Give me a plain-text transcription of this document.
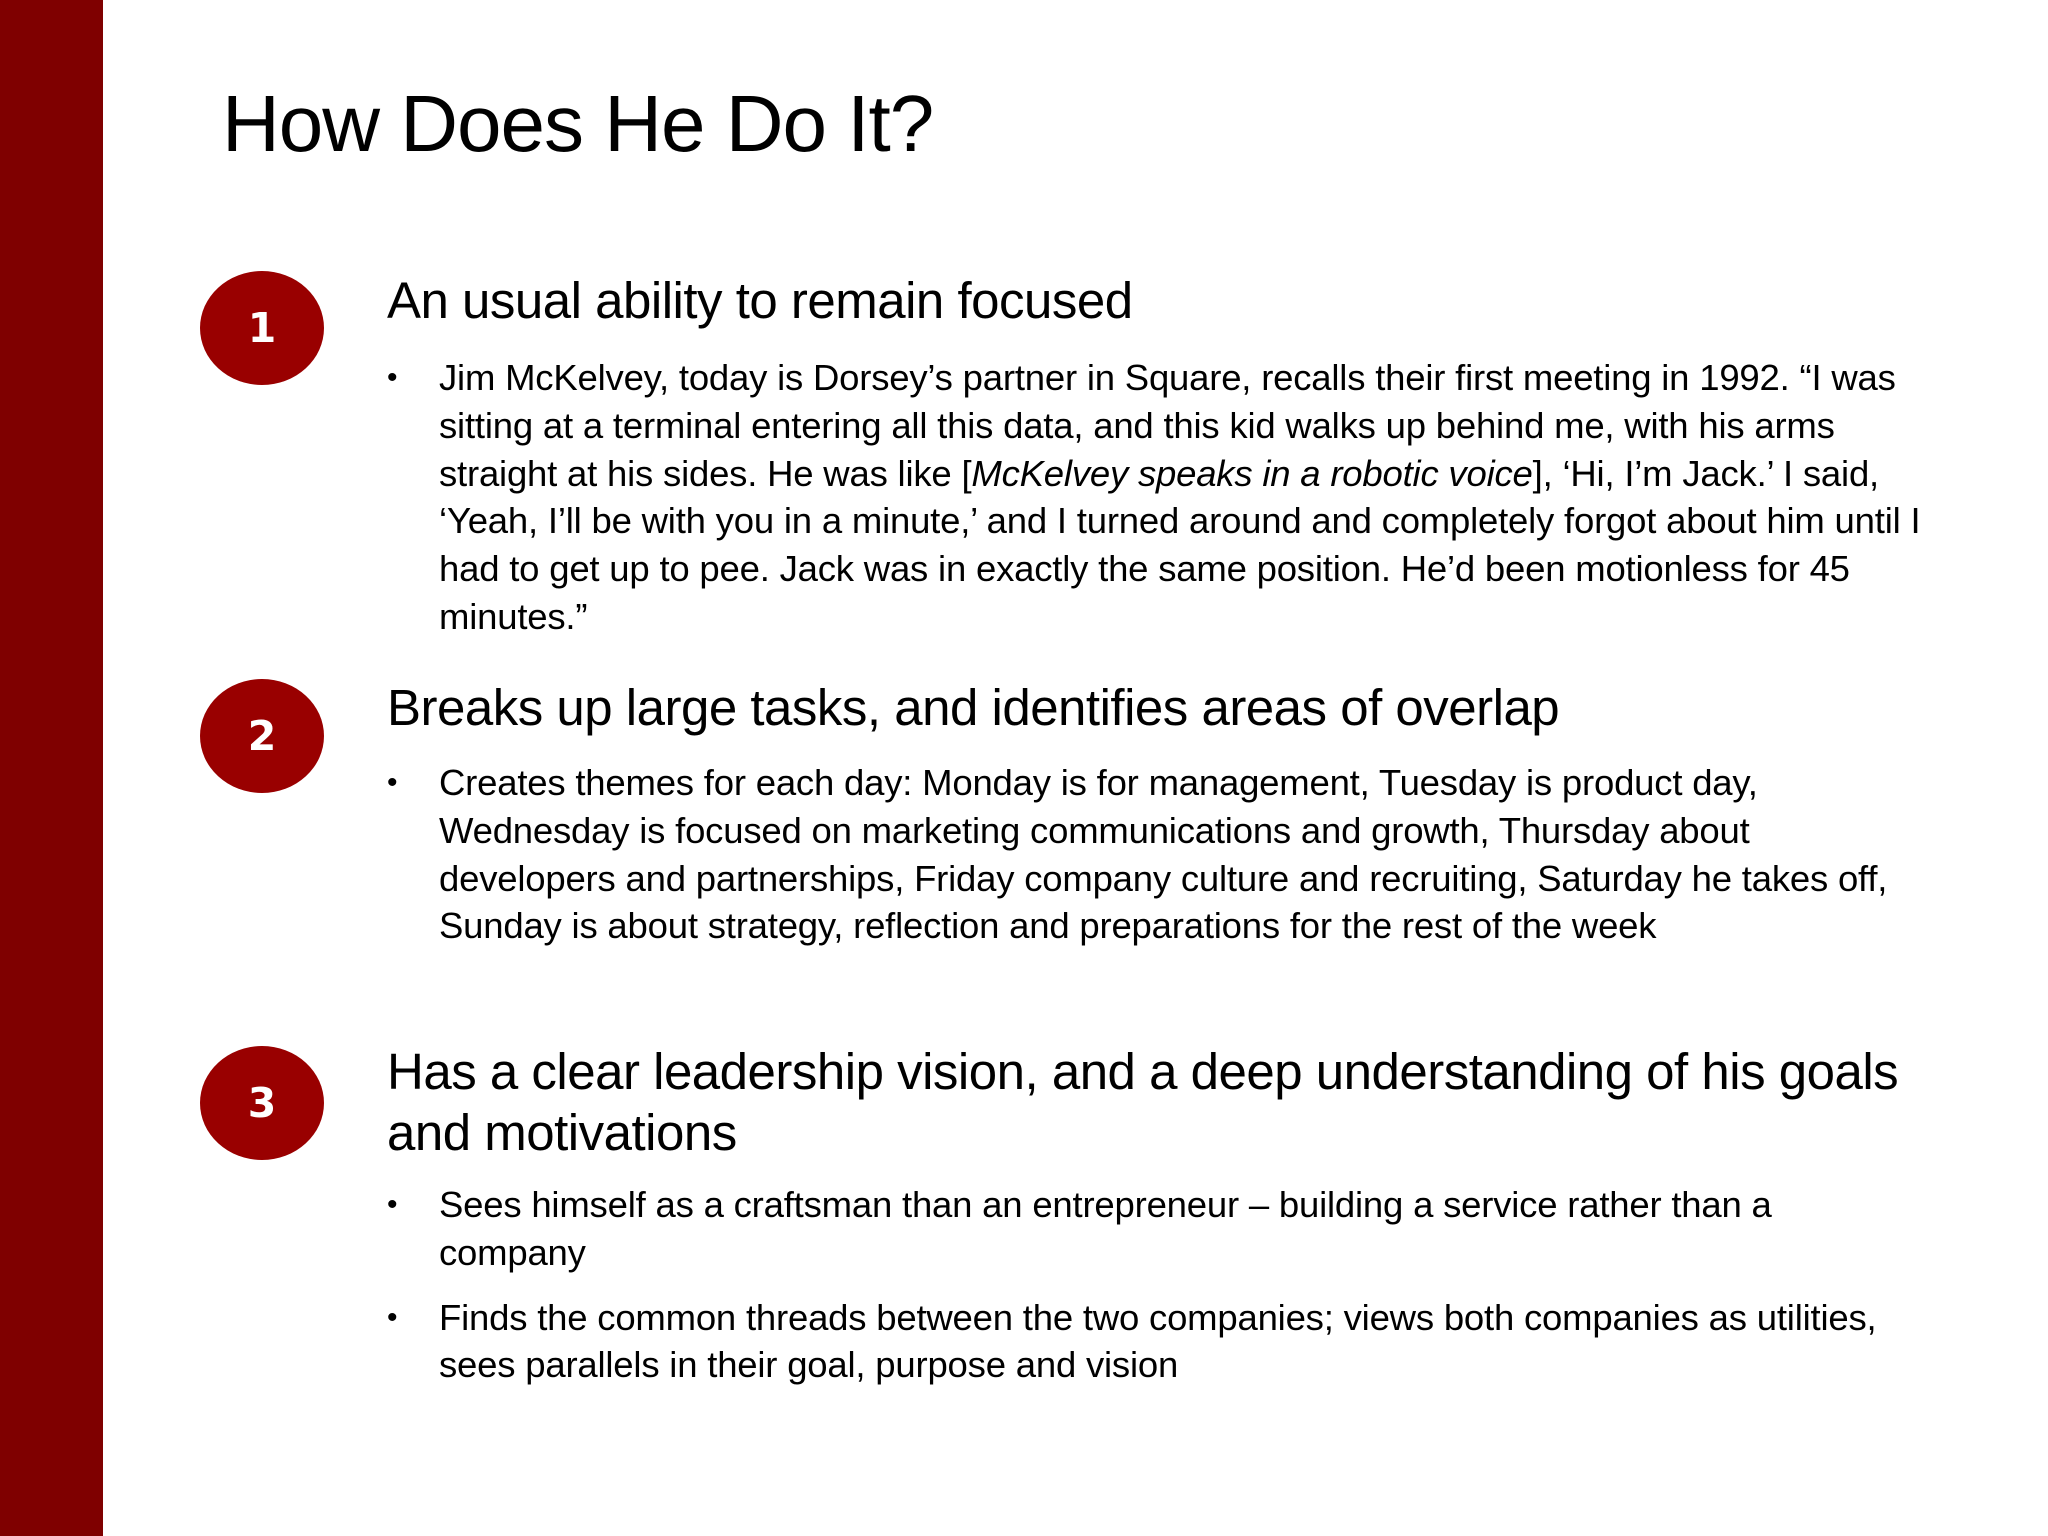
How Does He Do It?
1	An usual ability to remain focused
•	Jim McKelvey, today is Dorsey’s partner in Square, recalls their first meeting in 1992. “I was sitting at a terminal entering all this data, and this kid walks up behind me, with his arms straight at his sides. He was like [McKelvey speaks in a robotic voice], ‘Hi, I’m Jack.’ I said, ‘Yeah, I’ll be with you in a minute,’ and I turned around and completely forgot about him until I had to get up to pee. Jack was in exactly the same position. He’d been motionless for 45 minutes.”
2	Breaks up large tasks, and identifies areas of overlap
•	Creates themes for each day: Monday is for management, Tuesday is product day, Wednesday is focused on marketing communications and growth, Thursday about developers and partnerships, Friday company culture and recruiting, Saturday he takes off, Sunday is about strategy, reflection and preparations for the rest of the week
3
Has a clear leadership vision, and a deep understanding of his goals and motivations
•	Sees himself as a craftsman than an entrepreneur – building a service rather than a company
•	Finds the common threads between the two companies; views both companies as utilities, sees parallels in their goal, purpose and vision
